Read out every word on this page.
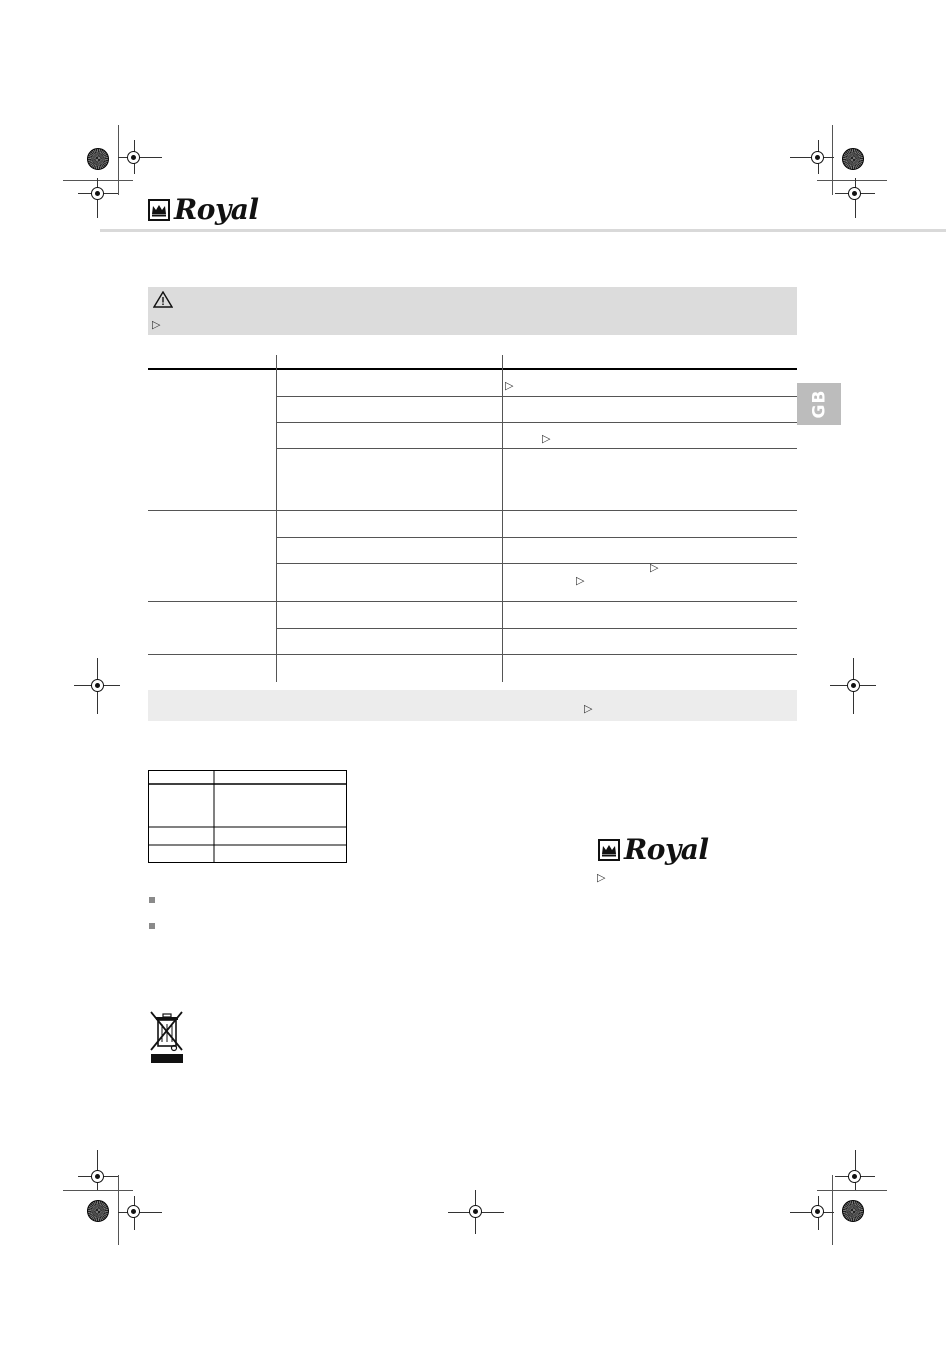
Royal
▷
GB
▷
▷
▷
▷
▷
Royal
▷
